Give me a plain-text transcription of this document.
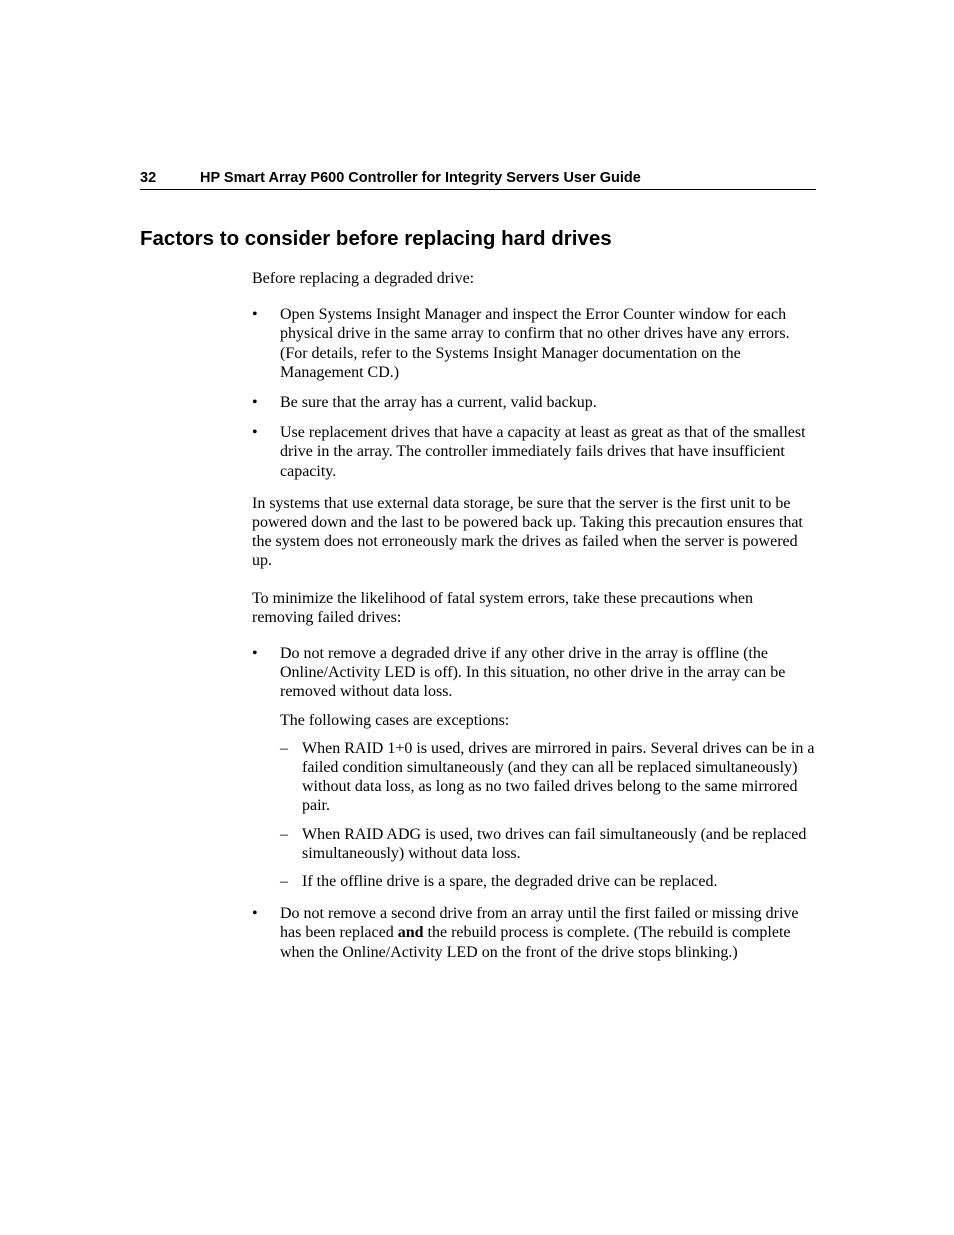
32	HP Smart Array P600 Controller for Integrity Servers User Guide
Factors to consider before replacing hard drives

Before replacing a degraded drive:

• Open Systems Insight Manager and inspect the Error Counter window for each physical drive in the same array to confirm that no other drives have any errors. (For details, refer to the Systems Insight Manager documentation on the Management CD.)
• Be sure that the array has a current, valid backup.
• Use replacement drives that have a capacity at least as great as that of the smallest drive in the array. The controller immediately fails drives that have insufficient capacity.

In systems that use external data storage, be sure that the server is the first unit to be powered down and the last to be powered back up. Taking this precaution ensures that the system does not erroneously mark the drives as failed when the server is powered up.

To minimize the likelihood of fatal system errors, take these precautions when removing failed drives:

• Do not remove a degraded drive if any other drive in the array is offline (the Online/Activity LED is off). In this situation, no other drive in the array can be removed without data loss.

The following cases are exceptions:

– When RAID 1+0 is used, drives are mirrored in pairs. Several drives can be in a failed condition simultaneously (and they can all be replaced simultaneously) without data loss, as long as no two failed drives belong to the same mirrored pair.
– When RAID ADG is used, two drives can fail simultaneously (and be replaced simultaneously) without data loss.
– If the offline drive is a spare, the degraded drive can be replaced.
• Do not remove a second drive from an array until the first failed or missing drive has been replaced and the rebuild process is complete. (The rebuild is complete when the Online/Activity LED on the front of the drive stops blinking.)
